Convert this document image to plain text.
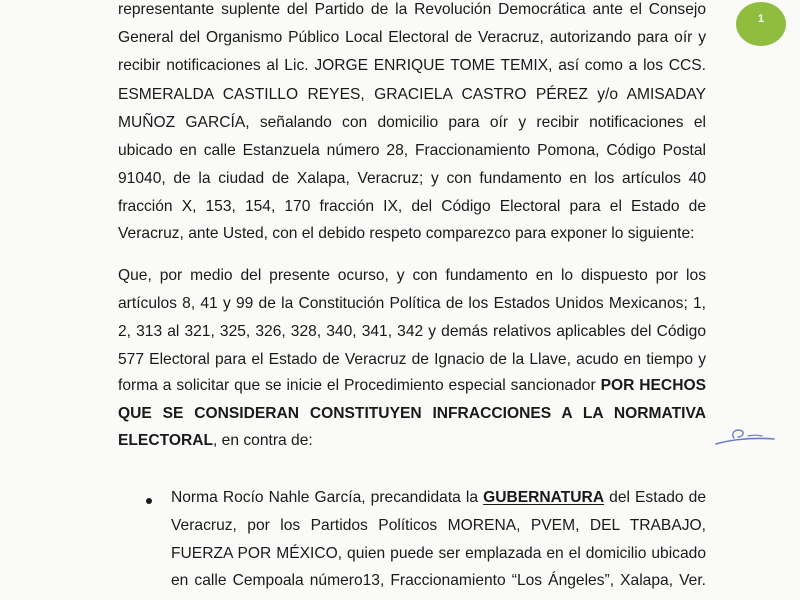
1
representante suplente del Partido de la Revolución Democrática ante el Consejo
General del Organismo Público Local Electoral de Veracruz, autorizando para oír y
recibir notificaciones al Lic. JORGE ENRIQUE TOME TEMIX, así como a los CCS.
ESMERALDA CASTILLO REYES, GRACIELA CASTRO PÉREZ y/o AMISADAY
MUÑOZ GARCÍA, señalando con domicilio para oír y recibir notificaciones el
ubicado en calle Estanzuela número 28, Fraccionamiento Pomona, Código Postal
91040, de la ciudad de Xalapa, Veracruz; y con fundamento en los artículos 40
fracción X, 153, 154, 170 fracción IX, del Código Electoral para el Estado de
Veracruz, ante Usted, con el debido respeto comparezco para exponer lo siguiente:
Que, por medio del presente ocurso, y con fundamento en lo dispuesto por los
artículos 8, 41 y 99 de la Constitución Política de los Estados Unidos Mexicanos; 1,
2, 313 al 321, 325, 326, 328, 340, 341, 342 y demás relativos aplicables del Código
577 Electoral para el Estado de Veracruz de Ignacio de la Llave, acudo en tiempo y
forma a solicitar que se inicie el Procedimiento especial sancionador POR HECHOS
QUE SE CONSIDERAN CONSTITUYEN INFRACCIONES A LA NORMATIVA
ELECTORAL, en contra de:
Norma Rocío Nahle García, precandidata la GUBERNATURA del Estado de
Veracruz, por los Partidos Políticos MORENA, PVEM, DEL TRABAJO,
FUERZA POR MÉXICO, quien puede ser emplazada en el domicilio ubicado
en calle Cempoala número13, Fraccionamiento “Los Ángeles”, Xalapa, Ver.
